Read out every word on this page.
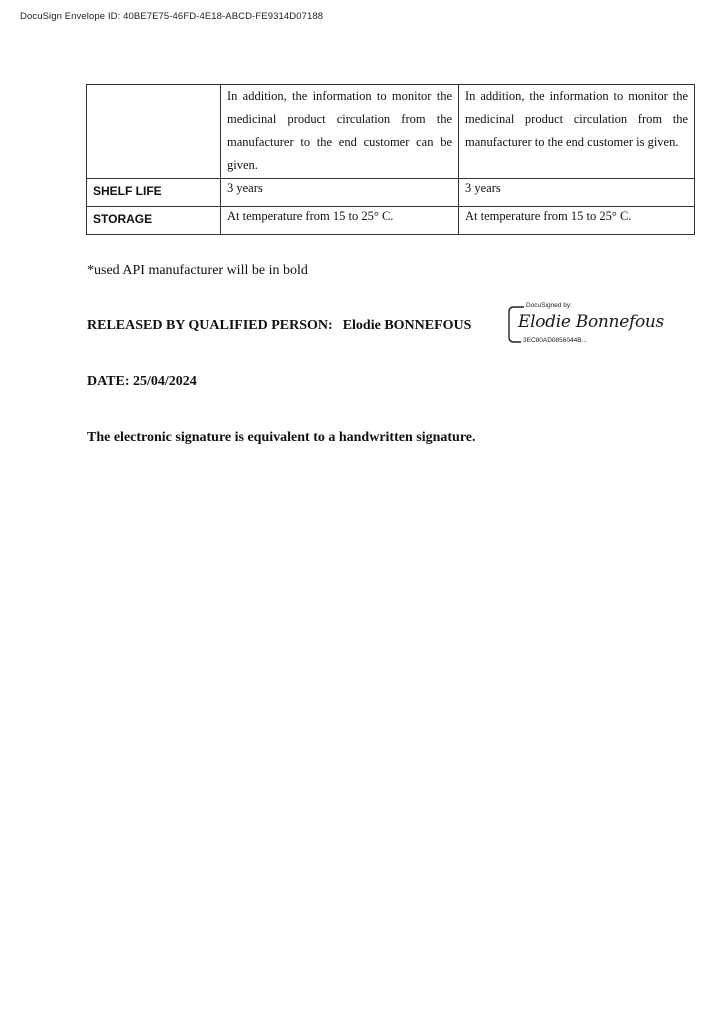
DocuSign Envelope ID: 40BE7E75-46FD-4E18-ABCD-FE9314D07188

	In addition, the information to monitor the medicinal product circulation from the manufacturer to the end customer can be given.	In addition, the information to monitor the medicinal product circulation from the manufacturer to the end customer is given.

SHELF LIFE	3 years	3 years

STORAGE	At temperature from 15 to 25° C.	At temperature from 15 to 25° C.
*used API manufacturer will be in bold
RELEASED BY QUALIFIED PERSON: Elodie BONNEFOUS
DocuSigned by:
Elodie Bonnefous
3EC80AD0856044B...
DATE: 25/04/2024
The electronic signature is equivalent to a handwritten signature.
